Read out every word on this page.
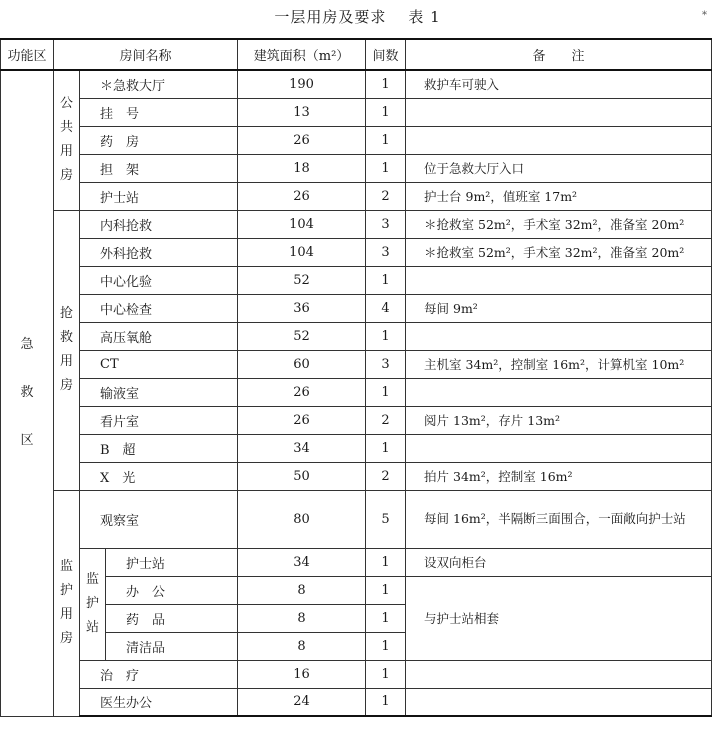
一层用房及要求 表 1	*
功能区	房间名称			建筑面积（m²）	间数	备　　注

急
救
区	公
共
用
房	＊急救大厅		190	1	救护车可驶入
		挂　号		13	1	
		药　房		26	1	
		担　架		18	1	位于急救大厅入口
		护士站		26	2	护士台 9m²，值班室 17m²

	抢
救
用
房	内科抢救		104	3	＊抢救室 52m²，手术室 32m²，准备室 20m²
		外科抢救		104	3	＊抢救室 52m²，手术室 32m²，准备室 20m²
		中心化验		52	1	
		中心检查		36	4	每间 9m²
		高压氧舱		52	1	
		CT		60	3	主机室 34m²，控制室 16m²，计算机室 10m²
		输液室		26	1	
		看片室		26	2	阅片 13m²，存片 13m²
		B　超		34	1	
		X　光		50	2	拍片 34m²，控制室 16m²

	监
护
用
房	观察室		80	5	每间 16m²，半隔断三面围合，一面敞向护士站

		监
护
站	护士站	34	1	设双向柜台
			办　公	8	1	与护士站相套
			药　品	8	1	
			清洁品	8	1	
		治　疗		16	1	
		医生办公		24	1	
